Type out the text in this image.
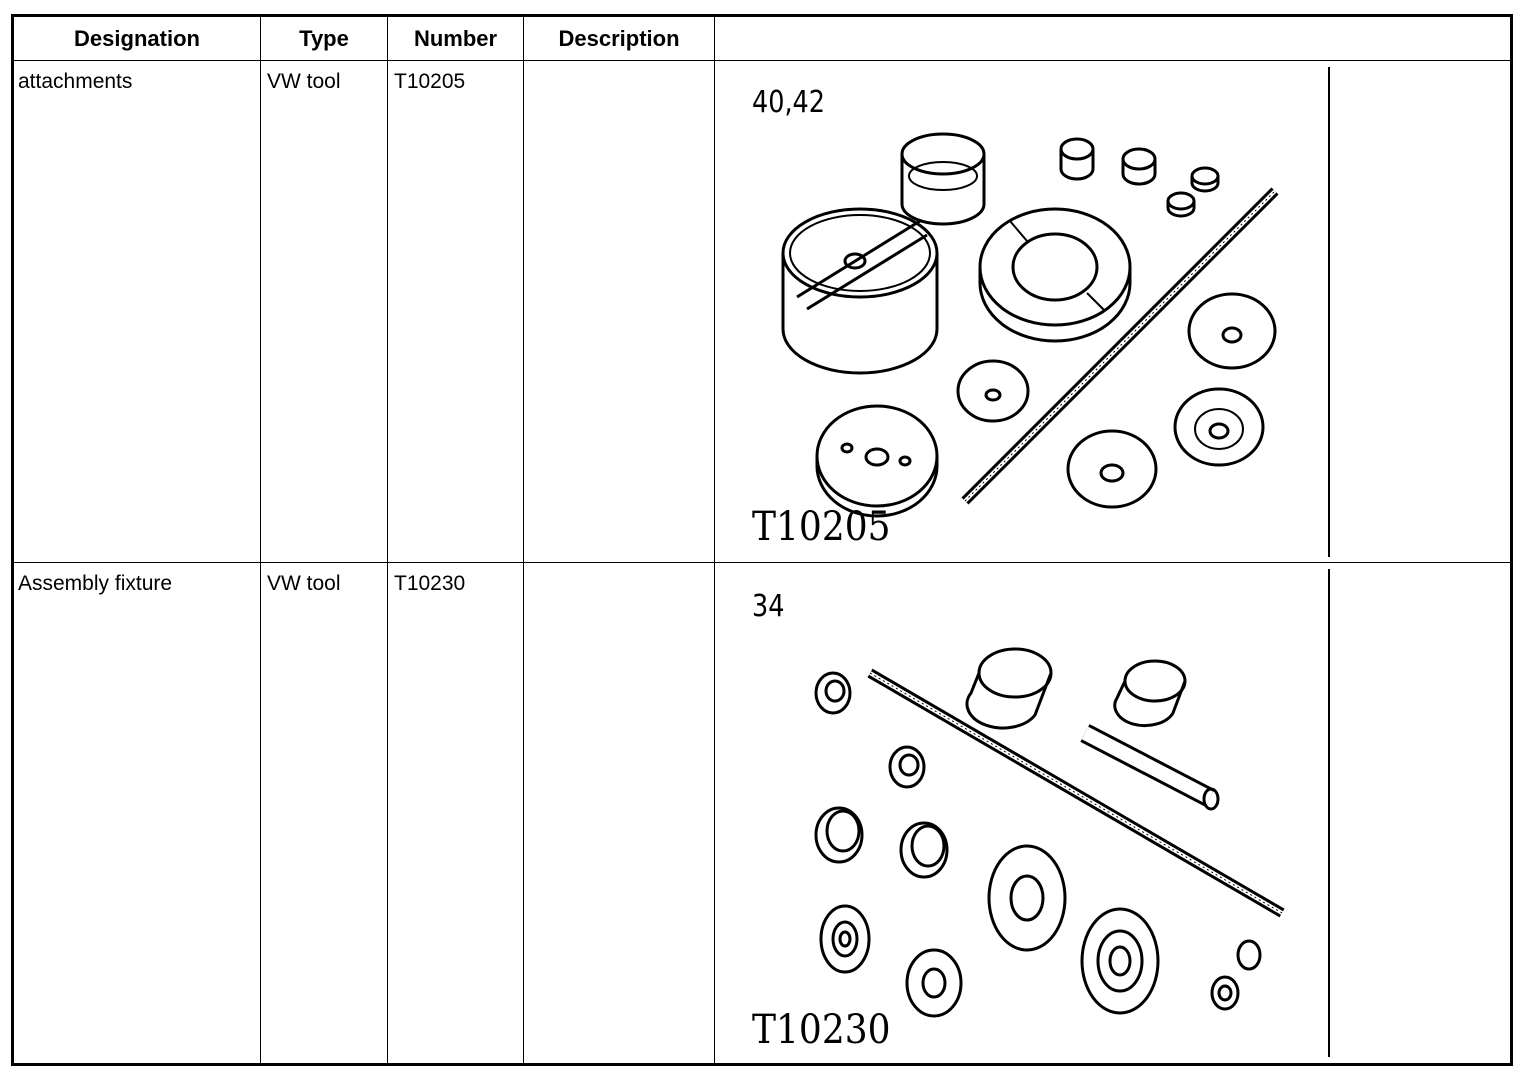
Designation	Type	Number	Description
attachments	VW tool	T10205
40,42
T10205
Assembly fixture	VW tool	T10230
34
T10230
